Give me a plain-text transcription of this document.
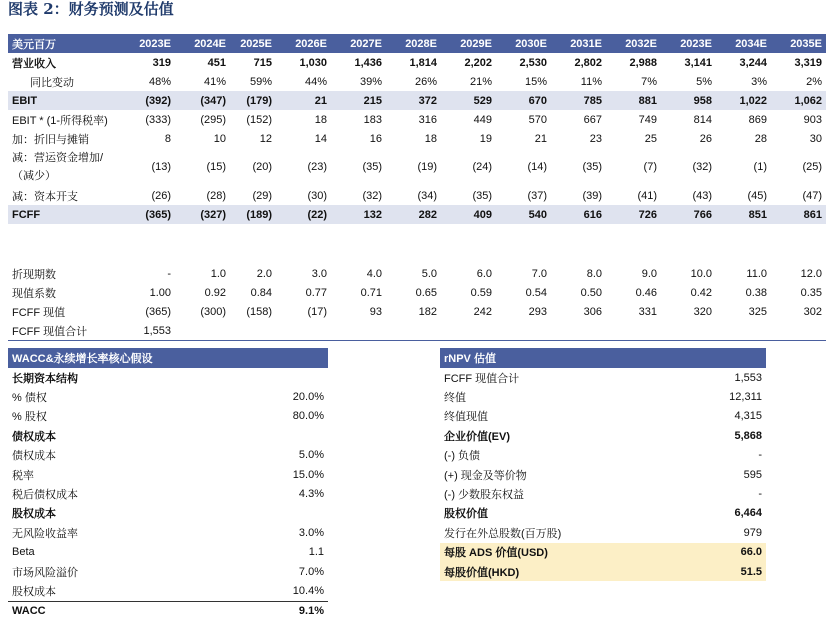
图表 2：财务预测及估值
美元百万	2023E	2024E	2025E	2026E	2027E	2028E	2029E	2030E	2031E	2032E	2023E	2034E	2035E
营业收入	319	451	715	1,030	1,436	1,814	2,202	2,530	2,802	2,988	3,141	3,244	3,319
同比变动	48%	41%	59%	44%	39%	26%	21%	15%	11%	7%	5%	3%	2%
EBIT	(392)	(347)	(179)	21	215	372	529	670	785	881	958	1,022	1,062
EBIT * (1-所得税率)	(333)	(295)	(152)	18	183	316	449	570	667	749	814	869	903
加：折旧与摊销	8	10	12	14	16	18	19	21	23	25	26	28	30
减：营运资金增加/（减少）	(13)	(15)	(20)	(23)	(35)	(19)	(24)	(14)	(35)	(7)	(32)	(1)	(25)
减：资本开支	(26)	(28)	(29)	(30)	(32)	(34)	(35)	(37)	(39)	(41)	(43)	(45)	(47)
FCFF	(365)	(327)	(189)	(22)	132	282	409	540	616	726	766	851	861

折现期数	-	1.0	2.0	3.0	4.0	5.0	6.0	7.0	8.0	9.0	10.0	11.0	12.0
现值系数	1.00	0.92	0.84	0.77	0.71	0.65	0.59	0.54	0.50	0.46	0.42	0.38	0.35
FCFF 现值	(365)	(300)	(158)	(17)	93	182	242	293	306	331	320	325	302
FCFF 现值合计	1,553												
WACC&永续增长率核心假设	
长期资本结构	
% 债权	20.0%
% 股权	80.0%
债权成本	
债权成本	5.0%
税率	15.0%
税后债权成本	4.3%
股权成本	
无风险收益率	3.0%
Beta	1.1
市场风险溢价	7.0%
股权成本	10.4%
WACC	9.1%
rNPV 估值	
FCFF 现值合计	1,553
终值	12,311
终值现值	4,315
企业价值(EV)	5,868
(-) 负债	-
(+) 现金及等价物	595
(-) 少数股东权益	-
股权价值	6,464
发行在外总股数(百万股)	979
每股 ADS 价值(USD)	66.0
每股价值(HKD)	51.5
